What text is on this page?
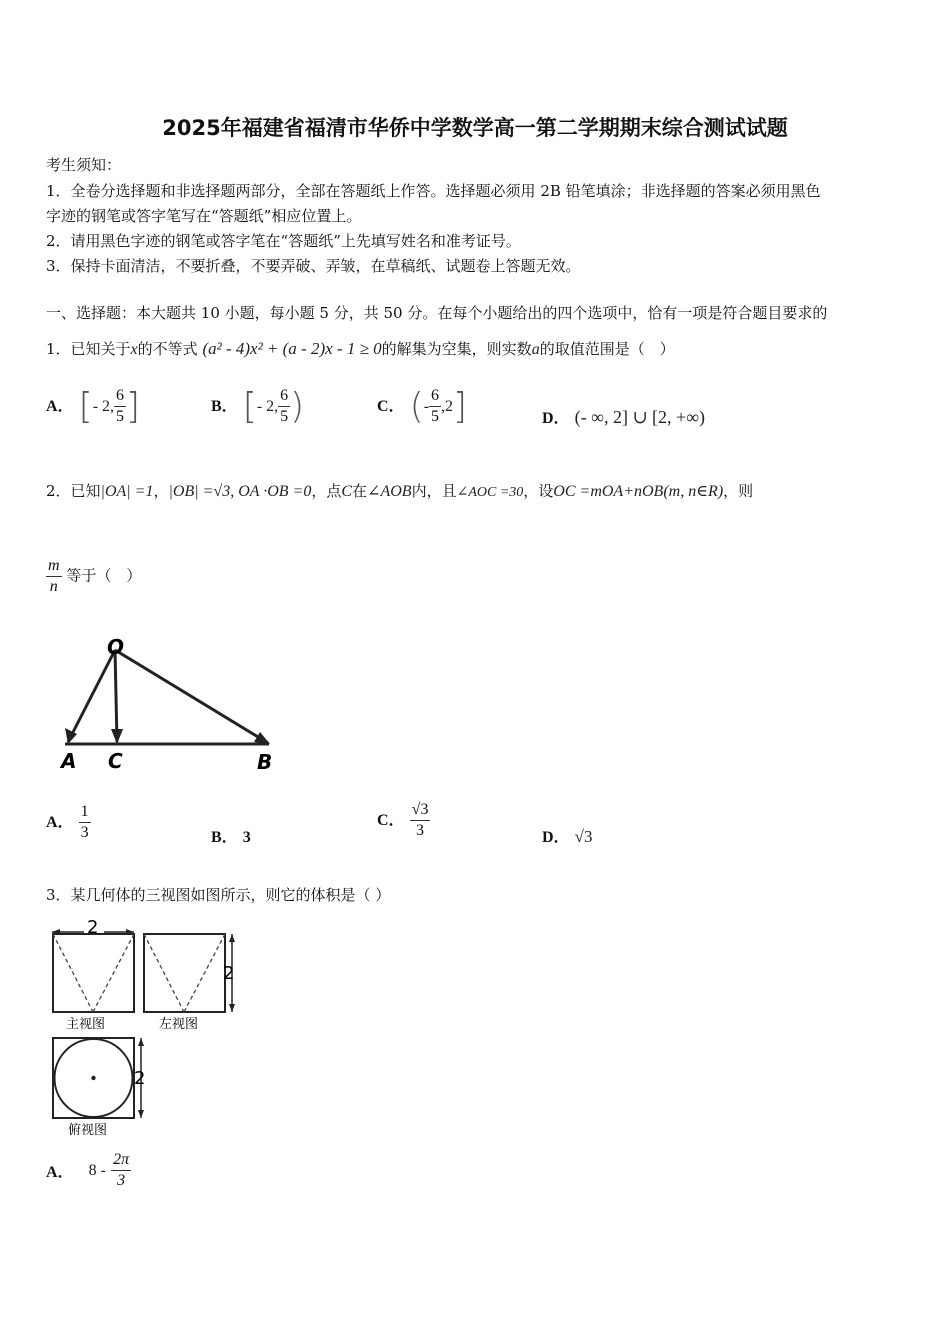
2025年福建省福清市华侨中学数学高一第二学期期末综合测试试题
考生须知：
1．全卷分选择题和非选择题两部分，全部在答题纸上作答。选择题必须用 2B 铅笔填涂；非选择题的答案必须用黑色
字迹的钢笔或答字笔写在“答题纸”相应位置上。
2．请用黑色字迹的钢笔或答字笔在“答题纸”上先填写姓名和准考证号。
3．保持卡面清洁，不要折叠，不要弄破、弄皱，在草稿纸、试题卷上答题无效。
一、选择题：本大题共 10 小题，每小题 5 分，共 50 分。在每个小题给出的四个选项中，恰有一项是符合题目要求的
1．已知关于x的不等式 (a² - 4)x² + (a - 2)x - 1 ≥ 0的解集为空集，则实数a的取值范围是（　）
A． [- 2, $\frac{6}{5}$ ]	B． [- 2, $\frac{6}{5}$ )	C． (- $\frac{6}{5} ,2$]	D． (- ∞, 2] ∪ [2, +∞)
2．已知|OA| =1，|OB| =√3, OA ·OB =0，点C在∠AOB内，且∠AOC =30，设OC =mOA+nOB(m, n∈R)，则
$\frac{m}{n}$ 等于（　）
O
A C	B
A． $\frac{1}{3}$	B． 3
C． $\frac{√3}{3}$	D． √3
3．某几何体的三视图如图所示，则它的体积是（ ）
2
主视图
2
左视图
2
俯视图
A． $8 - \frac{2\pi}{3}$
